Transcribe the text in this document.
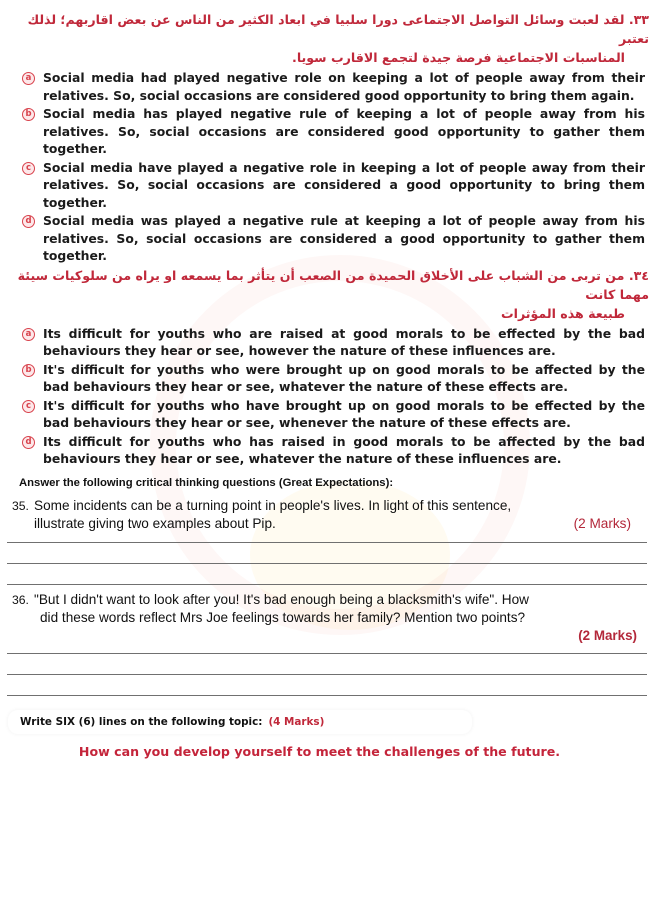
٣٣. لقد لعبت وسائل التواصل الاجتماعى دورا سلبيا في ابعاد الكثير من الناس عن بعض اقاربهم؛ لذلك تعتبر
المناسبات الاجتماعية فرصة جيدة لتجمع الاقارب سويا.
a Social media had played negative role on keeping a lot of people away from their relatives. So, social occasions are considered good opportunity to bring them again.
b Social media has played negative rule of keeping a lot of people away from his relatives. So, social occasions are considered good opportunity to gather them together.
c Social media have played a negative role in keeping a lot of people away from their relatives. So, social occasions are considered a good opportunity to bring them together.
d Social media was played a negative rule at keeping a lot of people away from his relatives. So, social occasions are considered a good opportunity to gather them together.
٣٤. من تربى من الشباب على الأخلاق الحميدة من الصعب أن يتأثر بما يسمعه او يراه من سلوكيات سيئة مهما كانت
طبيعة هذه المؤثرات
a Its difficult for youths who are raised at good morals to be effected by the bad behaviours they hear or see, however the nature of these influences are.
b It's difficult for youths who were brought up on good morals to be affected by the bad behaviours they hear or see, whatever the nature of these effects are.
c It's difficult for youths who have brought up on good morals to be effected by the bad behaviours they hear or see, whenever the nature of these effects are.
d Its difficult for youths who has raised in good morals to be affected by the bad behaviours they hear or see, whatever the nature of these influences are.
Answer the following critical thinking questions (Great Expectations):
35. Some incidents can be a turning point in people's lives. In light of this sentence,
illustrate giving two examples about Pip.	(2 Marks)
36. "But I didn't want to look after you! It's bad enough being a blacksmith's wife". How
did these words reflect Mrs Joe feelings towards her family? Mention two points?
(2 Marks)
Write SIX (6) lines on the following topic: (4 Marks)
How can you develop yourself to meet the challenges of the future.
